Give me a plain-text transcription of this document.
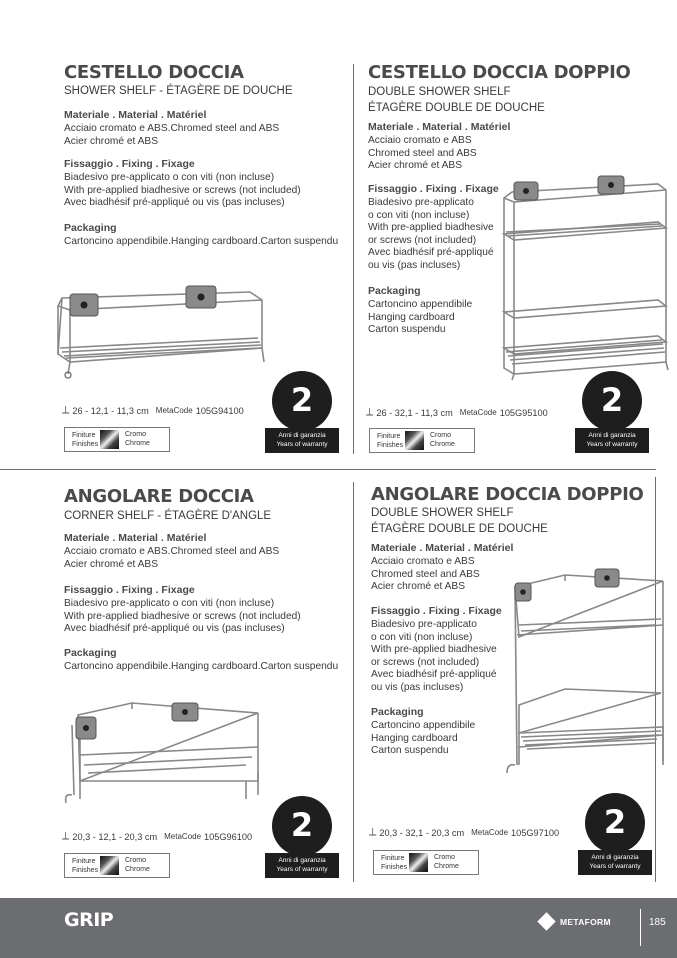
CESTELLO DOCCIA
SHOWER SHELF - ÉTAGÈRE DE DOUCHE
Materiale . Material . Matériel
Acciaio cromato e ABS.Chromed steel and ABS
Acier chromé et ABS
Fissaggio . Fixing . Fixage
Biadesivo pre-applicato o con viti (non incluse)
With pre-applied biadhesive or screws (not included)
Avec biadhésif pré-appliqué ou vis (pas incluses)
Packaging
Cartoncino appendibile.Hanging cardboard.Carton suspendu
⟂ 26 - 12,1 - 11,3 cm MetaCode 105G94100
Finiture
Finishes
Cromo
Chrome
2
Anni di garanzia
Years of warranty
CESTELLO DOCCIA DOPPIO
DOUBLE SHOWER SHELF
ÉTAGÈRE DOUBLE DE DOUCHE
Materiale . Material . Matériel
Acciaio cromato e ABS
Chromed steel and ABS
Acier chromé et ABS
Fissaggio . Fixing . Fixage
Biadesivo pre-applicato
o con viti (non incluse)
With pre-applied biadhesive
or screws (not included)
Avec biadhésif pré-appliqué
ou vis (pas incluses)
Packaging
Cartoncino appendibile
Hanging cardboard
Carton suspendu
⟂ 26 - 32,1 - 11,3 cm MetaCode 105G95100
Finiture
Finishes
Cromo
Chrome
2
Anni di garanzia
Years of warranty
ANGOLARE DOCCIA
CORNER SHELF - ÉTAGÈRE D'ANGLE
Materiale . Material . Matériel
Acciaio cromato e ABS.Chromed steel and ABS
Acier chromé et ABS
Fissaggio . Fixing . Fixage
Biadesivo pre-applicato o con viti (non incluse)
With pre-applied biadhesive or screws (not included)
Avec biadhésif pré-appliqué ou vis (pas incluses)
Packaging
Cartoncino appendibile.Hanging cardboard.Carton suspendu
⟂ 20,3 - 12,1 - 20,3 cm MetaCode 105G96100
Finiture
Finishes
Cromo
Chrome
2
Anni di garanzia
Years of warranty
ANGOLARE DOCCIA DOPPIO
DOUBLE SHOWER SHELF
ÉTAGÈRE DOUBLE DE DOUCHE
Materiale . Material . Matériel
Acciaio cromato e ABS
Chromed steel and ABS
Acier chromé et ABS
Fissaggio . Fixing . Fixage
Biadesivo pre-applicato
o con viti (non incluse)
With pre-applied biadhesive
or screws (not included)
Avec biadhésif pré-appliqué
ou vis (pas incluses)
Packaging
Cartoncino appendibile
Hanging cardboard
Carton suspendu
⟂ 20,3 - 32,1 - 20,3 cm MetaCode 105G97100
Finiture
Finishes
Cromo
Chrome
2
Anni di garanzia
Years of warranty
GRIP	METAFORM	185
